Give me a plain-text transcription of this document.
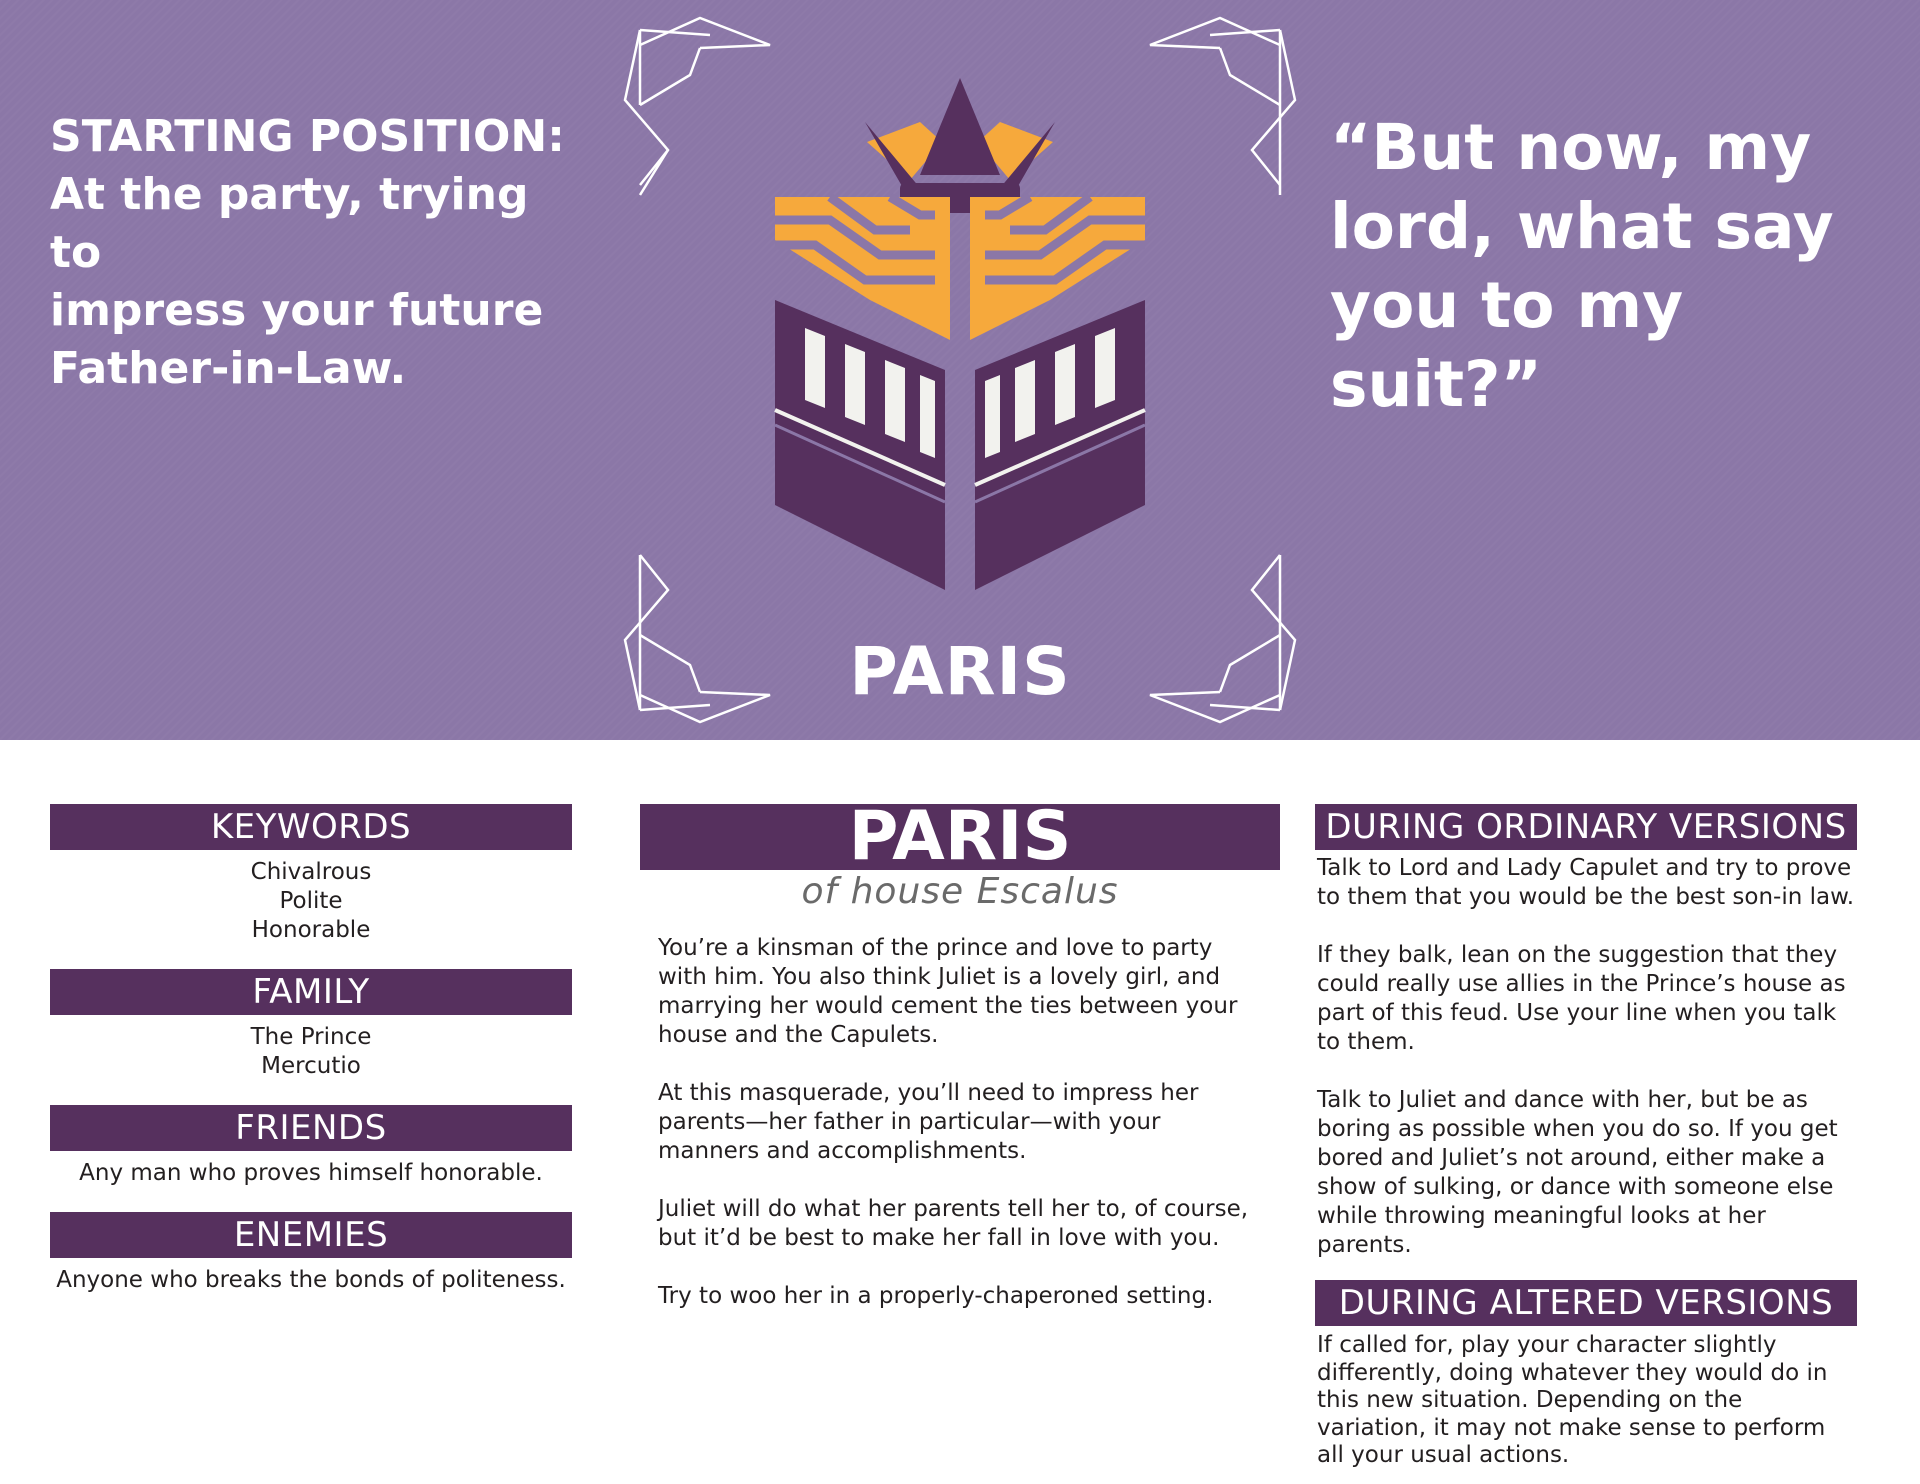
STARTING POSITION:
At the party, trying to
impress your future
Father-in-Law.
“But now, my
lord, what say
you to my
suit?”
PARIS
KEYWORDS
Chivalrous
Polite
Honorable
FAMILY
The Prince
Mercutio
FRIENDS
Any man who proves himself honorable.
ENEMIES
Anyone who breaks the bonds of politeness.
PARIS
of house Escalus

You’re a kinsman of the prince and love to party with him. You also think Juliet is a lovely girl, and marrying her would cement the ties between your house and the Capulets.

At this masquerade, you’ll need to impress her parents—her father in particular—with your manners and accomplishments.

Juliet will do what her parents tell her to, of course, but it’d be best to make her fall in love with you.

Try to woo her in a properly-chaperoned setting.

DURING ORDINARY VERSIONS

Talk to Lord and Lady Capulet and try to prove to them that you would be the best son-in law.

If they balk, lean on the suggestion that they could really use allies in the Prince’s house as part of this feud. Use your line when you talk to them.

Talk to Juliet and dance with her, but be as boring as possible when you do so. If you get bored and Juliet’s not around, either make a show of sulking, or dance with someone else while throwing meaningful looks at her parents.

DURING ALTERED VERSIONS

If called for, play your character slightly differently, doing whatever they would do in this new situation. Depending on the variation, it may not make sense to perform all your usual actions.
